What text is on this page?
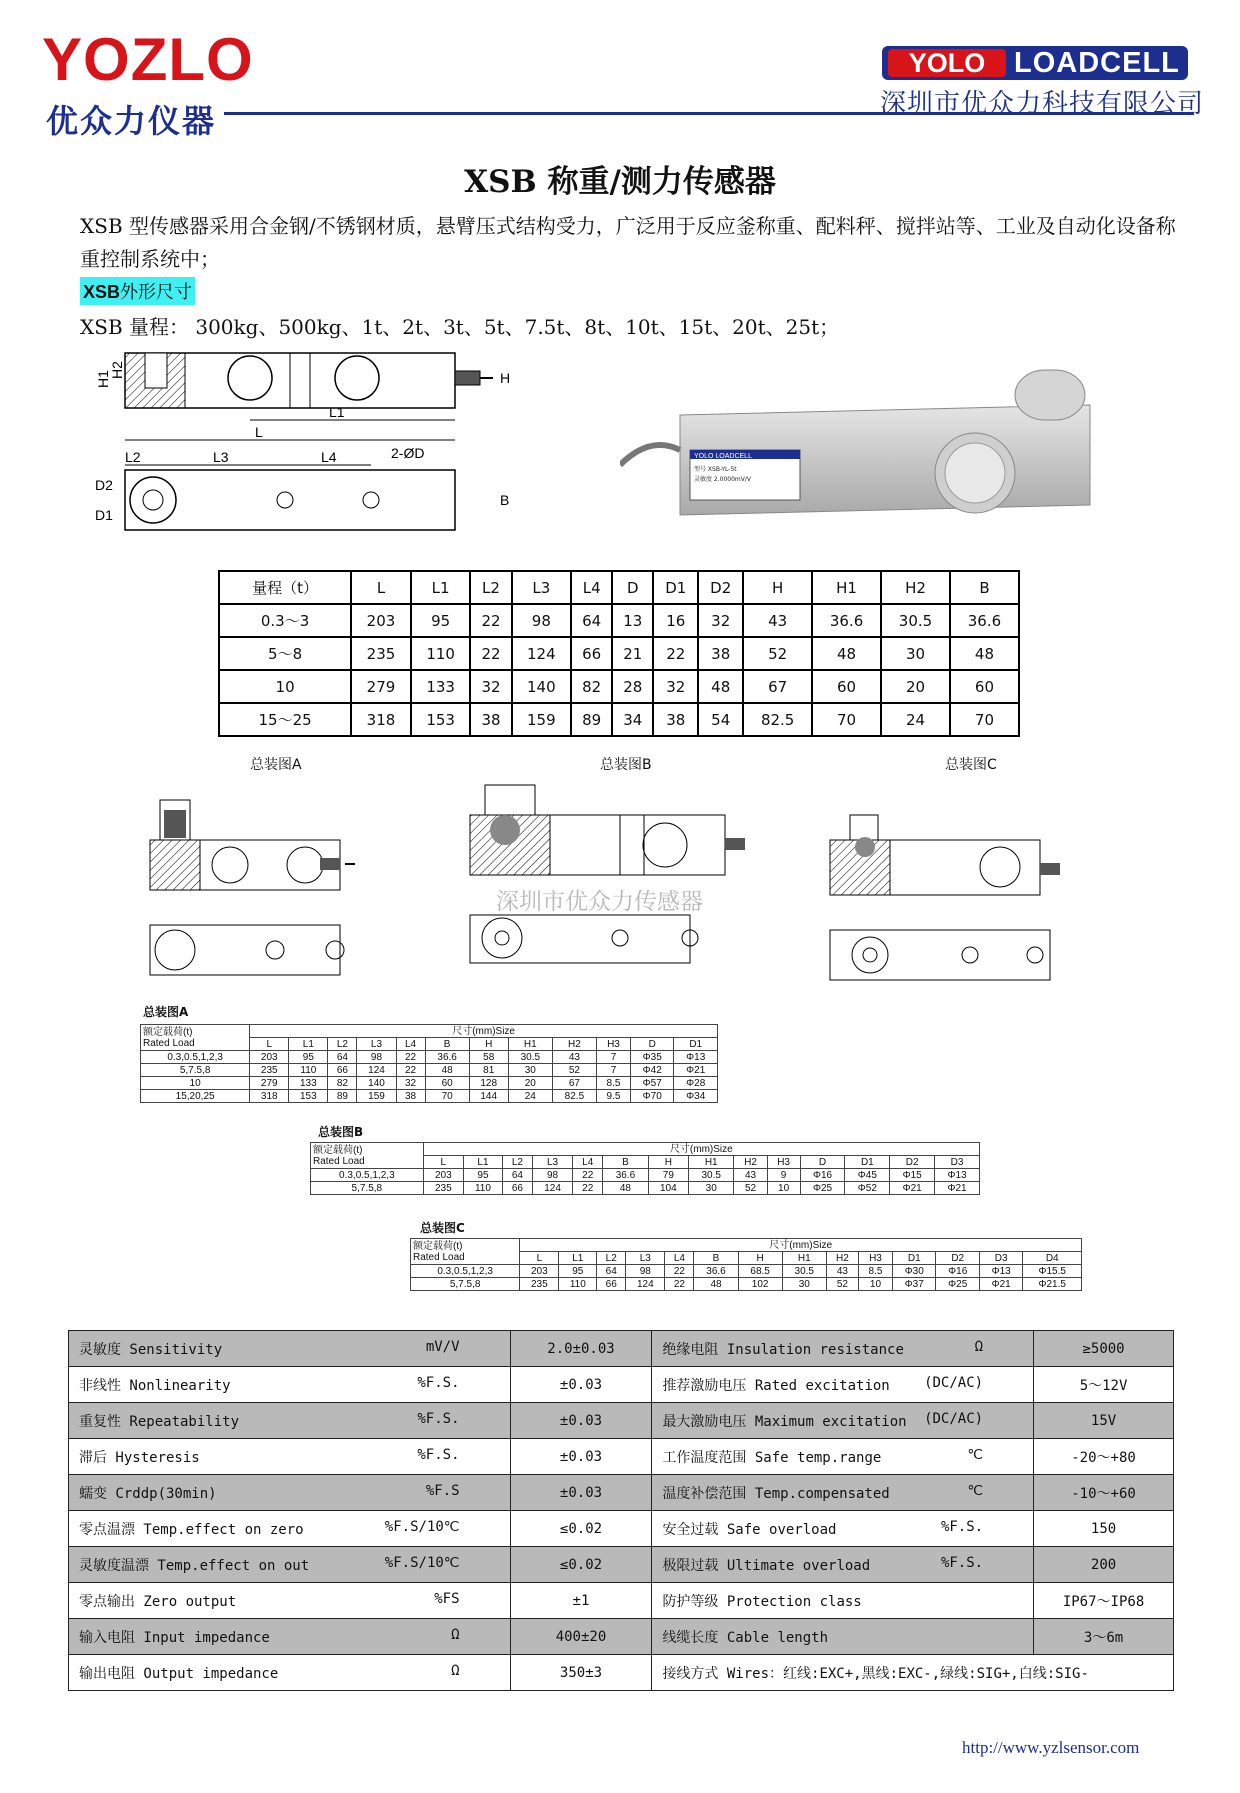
YOZLO
优众力仪器
YOLO LOADCELL
深圳市优众力科技有限公司
XSB 称重/测力传感器
XSB 型传感器采用合金钢/不锈钢材质，悬臂压式结构受力，广泛用于反应釜称重、配料秤、搅拌站等、工业及自动化设备称重控制系统中；
XSB外形尺寸
XSB 量程： 300kg、500kg、1t、2t、3t、5t、7.5t、8t、10t、15t、20t、25t；
L
L1
H1
H2	H
L2	L3	L4	2-ØD
D2
D1
B
YOLO LOADCELL
型号 XSB-YL-5t
灵敏度 2.0000mV/V
量程（t）	L	L1	L2	L3	L4	D	D1	D2	H	H1	H2	B
0.3～3	203	95	22	98	64	13	16	32	43	36.6	30.5	36.6
5～8	235	110	22	124	66	21	22	38	52	48	30	48
10	279	133	32	140	82	28	32	48	67	60	20	60
15～25	318	153	38	159	89	34	38	54	82.5	70	24	70
总装图A	总装图B	总装图C
深圳市优众力传感器
总装图A
额定载荷(t)
Rated Load	尺寸(mm)Size											
	L	L1	L2	L3	L4	B	H	H1	H2	H3	D	D1
0.3,0.5,1,2,3	203	95	64	98	22	36.6	58	30.5	43	7	Φ35	Φ13
5,7.5,8	235	110	66	124	22	48	81	30	52	7	Φ42	Φ21
10	279	133	82	140	32	60	128	20	67	8.5	Φ57	Φ28
15,20,25	318	153	89	159	38	70	144	24	82.5	9.5	Φ70	Φ34
总装图B
额定载荷(t)
Rated Load	尺寸(mm)Size													
	L	L1	L2	L3	L4	B	H	H1	H2	H3	D	D1	D2	D3
0.3,0.5,1,2,3	203	95	64	98	22	36.6	79	30.5	43	9	Φ16	Φ45	Φ15	Φ13
5,7.5,8	235	110	66	124	22	48	104	30	52	10	Φ25	Φ52	Φ21	Φ21
总装图C
额定载荷(t)
Rated Load	尺寸(mm)Size													
	L	L1	L2	L3	L4	B	H	H1	H2	H3	D1	D2	D3	D4
0.3,0.5,1,2,3	203	95	64	98	22	36.6	68.5	30.5	43	8.5	Φ30	Φ16	Φ13	Φ15.5
5,7.5,8	235	110	66	124	22	48	102	30	52	10	Φ37	Φ25	Φ21	Φ21.5
灵敏度 Sensitivity mV/V	2.0±0.03	绝缘电阻 Insulation resistance Ω	≥5000
非线性 Nonlinearity %F.S.	±0.03	推荐激励电压 Rated excitation (DC/AC)	5～12V
重复性 Repeatability %F.S.	±0.03	最大激励电压 Maximum excitation (DC/AC)	15V
滞后 Hysteresis %F.S.	±0.03	工作温度范围 Safe temp.range ℃	-20～+80
蠕变 Crddp(30min) %F.S	±0.03	温度补偿范围 Temp.compensated ℃	-10～+60
零点温漂 Temp.effect on zero %F.S/10℃	≤0.02	安全过载 Safe overload %F.S.	150
灵敏度温漂 Temp.effect on out %F.S/10℃	≤0.02	极限过载 Ultimate overload %F.S.	200
零点输出 Zero output %FS	±1	防护等级 Protection class	IP67～IP68
输入电阻 Input impedance Ω	400±20	线缆长度 Cable length	3～6m
输出电阻 Output impedance Ω	350±3	接线方式 Wires：红线:EXC+,黑线:EXC-,绿线:SIG+,白线:SIG-	
http://www.yzlsensor.com
